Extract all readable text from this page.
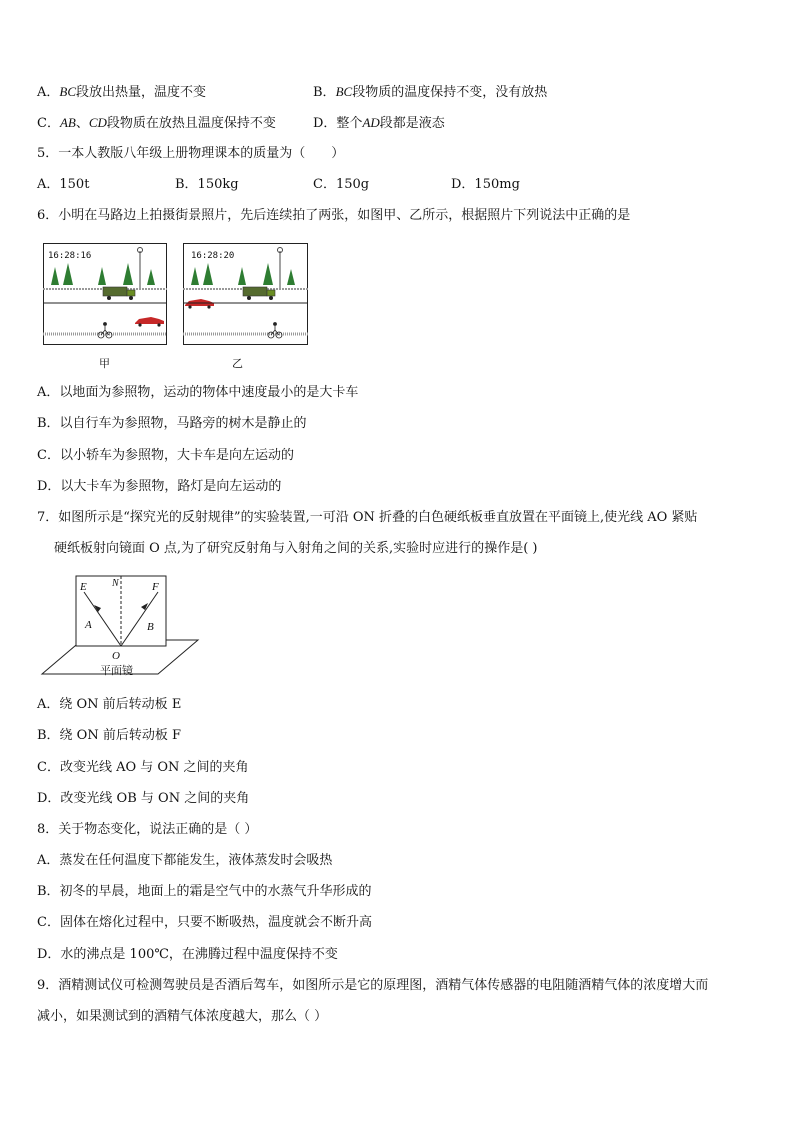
A．BC段放出热量，温度不变	B．BC段物质的温度保持不变，没有放热
C．AB、CD段物质在放热且温度保持不变	D．整个AD段都是液态
5．一本人教版八年级上册物理课本的质量为（　　）
A．150t	B．150kg	C．150g	D．150mg
6．小明在马路边上拍摄街景照片，先后连续拍了两张，如图甲、乙所示，根据照片下列说法中正确的是
16:28:16
甲
16:28:20
乙
A．以地面为参照物，运动的物体中速度最小的是大卡车
B．以自行车为参照物，马路旁的树木是静止的
C．以小轿车为参照物，大卡车是向左运动的
D．以大卡车为参照物，路灯是向左运动的
7．如图所示是“探究光的反射规律”的实验装置,一可沿 ON 折叠的白色硬纸板垂直放置在平面镜上,使光线 AO 紧贴
硬纸板射向镜面 O 点,为了研究反射角与入射角之间的关系,实验时应进行的操作是( )
E	N	F
A	B
O
平面镜
A．绕 ON 前后转动板 E
B．绕 ON 前后转动板 F
C．改变光线 AO 与 ON 之间的夹角
D．改变光线 OB 与 ON 之间的夹角
8．关于物态变化，说法正确的是（ ）
A．蒸发在任何温度下都能发生，液体蒸发时会吸热
B．初冬的早晨，地面上的霜是空气中的水蒸气升华形成的
C．固体在熔化过程中，只要不断吸热，温度就会不断升高
D．水的沸点是 100℃，在沸腾过程中温度保持不变
9．酒精测试仪可检测驾驶员是否酒后驾车，如图所示是它的原理图，酒精气体传感器的电阻随酒精气体的浓度增大而
减小，如果测试到的酒精气体浓度越大，那么（ ）
